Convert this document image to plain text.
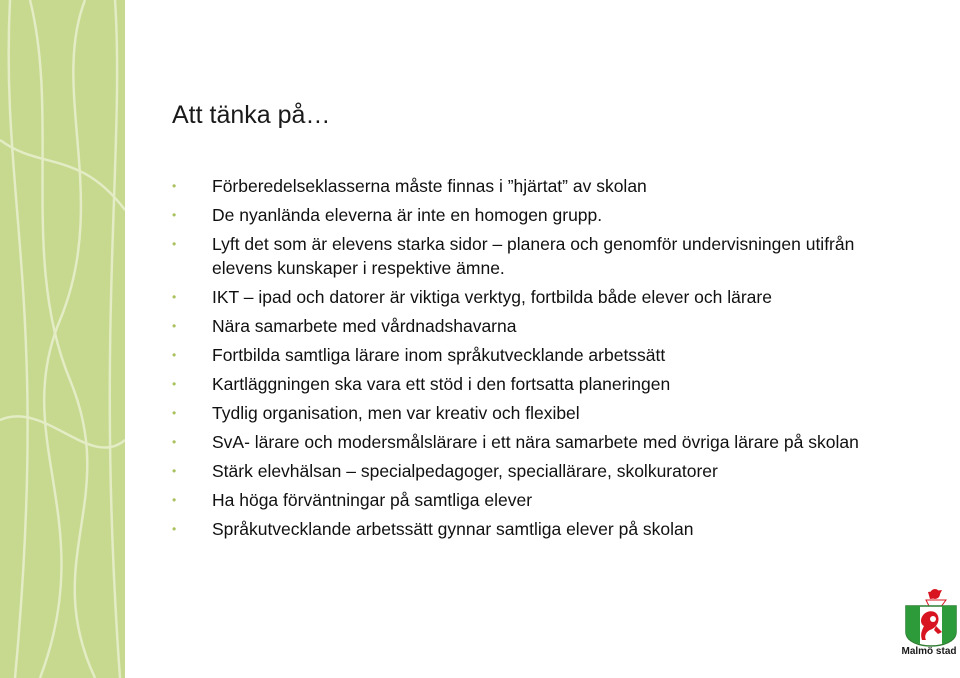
Att tänka på…
•	Förberedelseklasserna måste finnas i ”hjärtat” av skolan
•	De nyanlända eleverna är inte en homogen grupp.
•	Lyft det som är elevens starka sidor – planera och genomför undervisningen utifrån elevens kunskaper i respektive ämne.
•	IKT – ipad och datorer är viktiga verktyg, fortbilda både elever och lärare
•	Nära samarbete med vårdnadshavarna
•	Fortbilda samtliga lärare inom språkutvecklande arbetssätt
•	Kartläggningen ska vara ett stöd i den fortsatta planeringen
•	Tydlig organisation, men var kreativ och flexibel
•	SvA- lärare och modersmålslärare i ett nära samarbete med övriga lärare på skolan
•	Stärk elevhälsan – specialpedagoger, speciallärare, skolkuratorer
•	Ha höga förväntningar på samtliga elever
•	Språkutvecklande arbetssätt gynnar samtliga elever på skolan
Malmö stad
